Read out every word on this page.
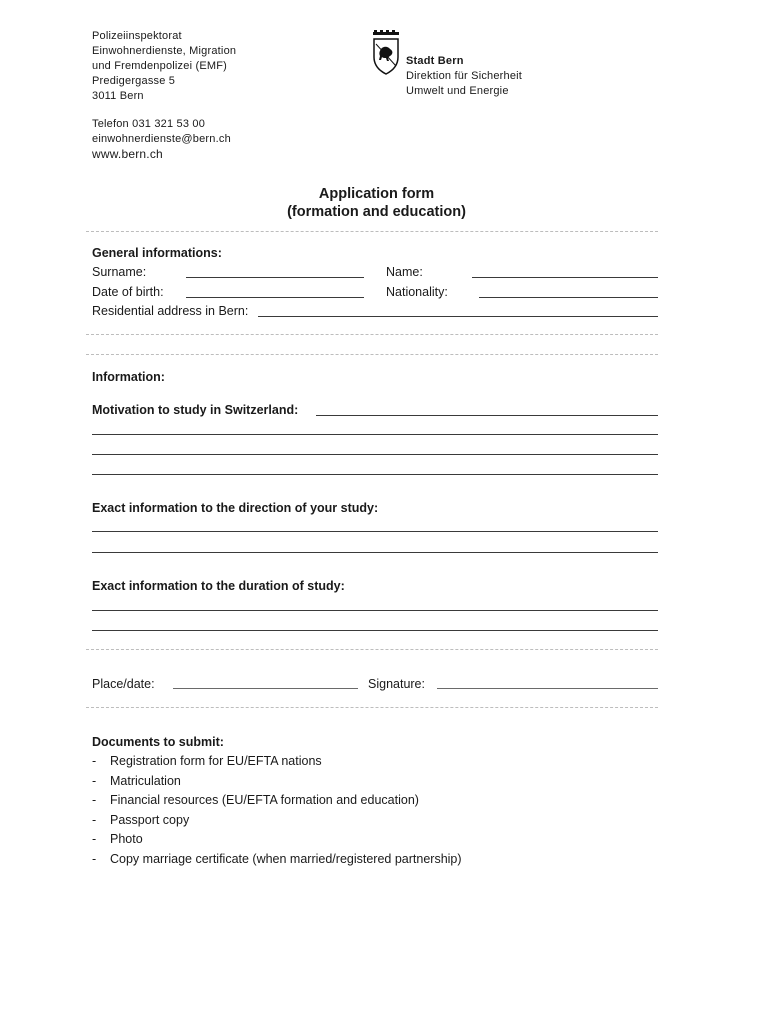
Polizeiinspektorat
Einwohnerdienste, Migration
und Fremdenpolizei (EMF)
Predigergasse 5
3011 Bern
Telefon 031 321 53 00
einwohnerdienste@bern.ch
www.bern.ch
Stadt Bern
Direktion für Sicherheit
Umwelt und Energie
Application form
(formation and education)
General informations:
Surname:	Name:
Date of birth:	Nationality:
Residential address in Bern:
Information:
Motivation to study in Switzerland:
Exact information to the direction of your study:
Exact information to the duration of study:
Place/date:	Signature:
Documents to submit:
- Registration form for EU/EFTA nations
- Matriculation
- Financial resources (EU/EFTA formation and education)
- Passport copy
- Photo
- Copy marriage certificate (when married/registered partnership)
